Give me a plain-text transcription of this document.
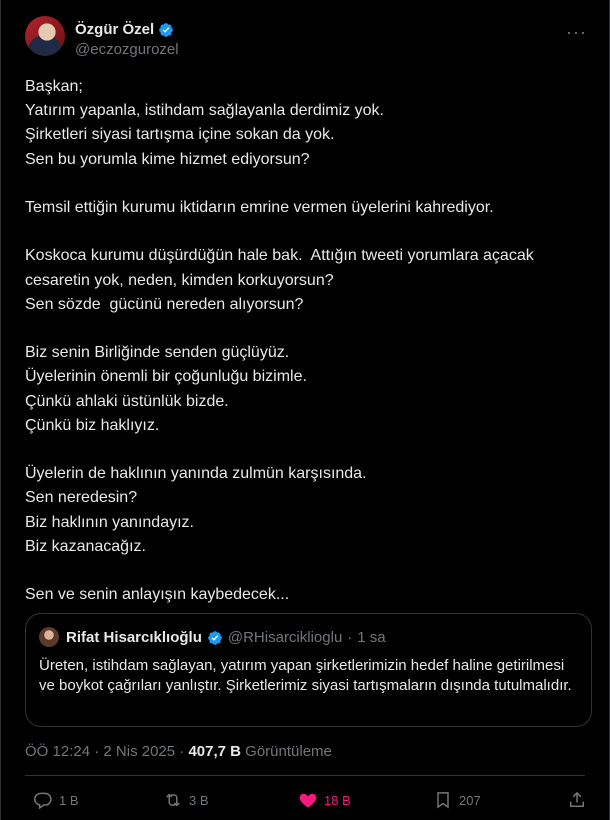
Özgür Özel
@eczozgurozel
···
Başkan;
Yatırım yapanla, istihdam sağlayanla derdimiz yok.
Şirketleri siyasi tartışma içine sokan da yok.
Sen bu yorumla kime hizmet ediyorsun?

Temsil ettiğin kurumu iktidarın emrine vermen üyelerini kahrediyor.

Koskoca kurumu düşürdüğün hale bak.  Attığın tweeti yorumlara açacak cesaretin yok, neden, kimden korkuyorsun?
Sen sözde  gücünü nereden alıyorsun?

Biz senin Birliğinde senden güçlüyüz.
Üyelerinin önemli bir çoğunluğu bizimle.
Çünkü ahlaki üstünlük bizde.
Çünkü biz haklıyız.

Üyelerin de haklının yanında zulmün karşısında.
Sen neredesin?
Biz haklının yanındayız.
Biz kazanacağız.

Sen ve senin anlayışın kaybedecek...
Rifat Hisarcıklıoğlu @RHisarciklioglu · 1 sa
Üreten, istihdam sağlayan, yatırım yapan şirketlerimizin hedef haline getirilmesi ve boykot çağrıları yanlıştır. Şirketlerimiz siyasi tartışmaların dışında tutulmalıdır.
ÖÖ 12:24 · 2 Nis 2025 · 407,7 B Görüntüleme
1 B	3 B	18 B	207
